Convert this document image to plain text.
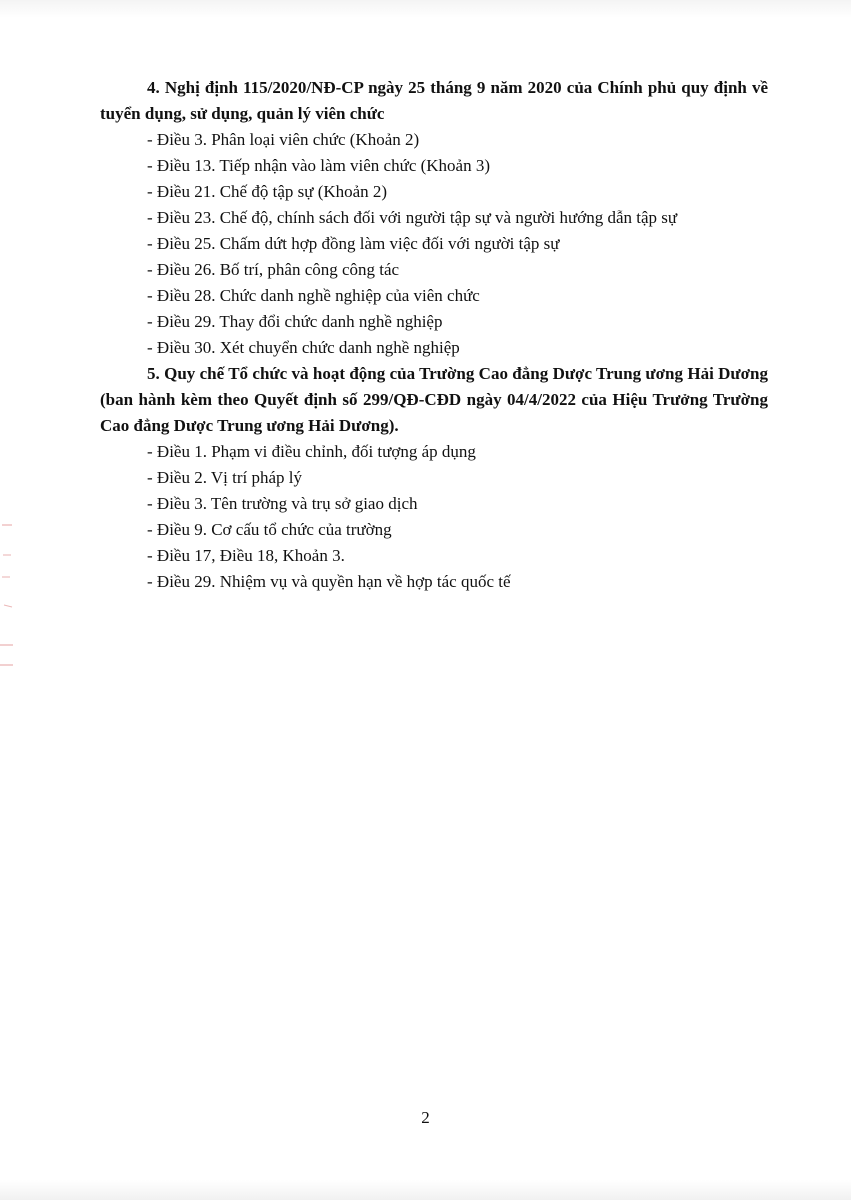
4. Nghị định 115/2020/NĐ-CP ngày 25 tháng 9 năm 2020 của Chính phủ quy định về tuyển dụng, sử dụng, quản lý viên chức

- Điều 3. Phân loại viên chức (Khoản 2)

- Điều 13. Tiếp nhận vào làm viên chức (Khoản 3)

- Điều 21. Chế độ tập sự (Khoản 2)

- Điều 23. Chế độ, chính sách đối với người tập sự và người hướng dẫn tập sự

- Điều 25. Chấm dứt hợp đồng làm việc đối với người tập sự

- Điều 26. Bố trí, phân công công tác

- Điều 28. Chức danh nghề nghiệp của viên chức

- Điều 29. Thay đổi chức danh nghề nghiệp

- Điều 30. Xét chuyển chức danh nghề nghiệp

5. Quy chế Tổ chức và hoạt động của Trường Cao đẳng Dược Trung ương Hải Dương (ban hành kèm theo Quyết định số 299/QĐ-CĐD ngày 04/4/2022 của Hiệu Trưởng Trường Cao đẳng Dược Trung ương Hải Dương).

- Điều 1. Phạm vi điều chỉnh, đối tượng áp dụng

- Điều 2. Vị trí pháp lý

- Điều 3. Tên trường và trụ sở giao dịch

- Điều 9. Cơ cấu tổ chức của trường

- Điều 17, Điều 18, Khoản 3.

- Điều 29. Nhiệm vụ và quyền hạn về hợp tác quốc tế

2
